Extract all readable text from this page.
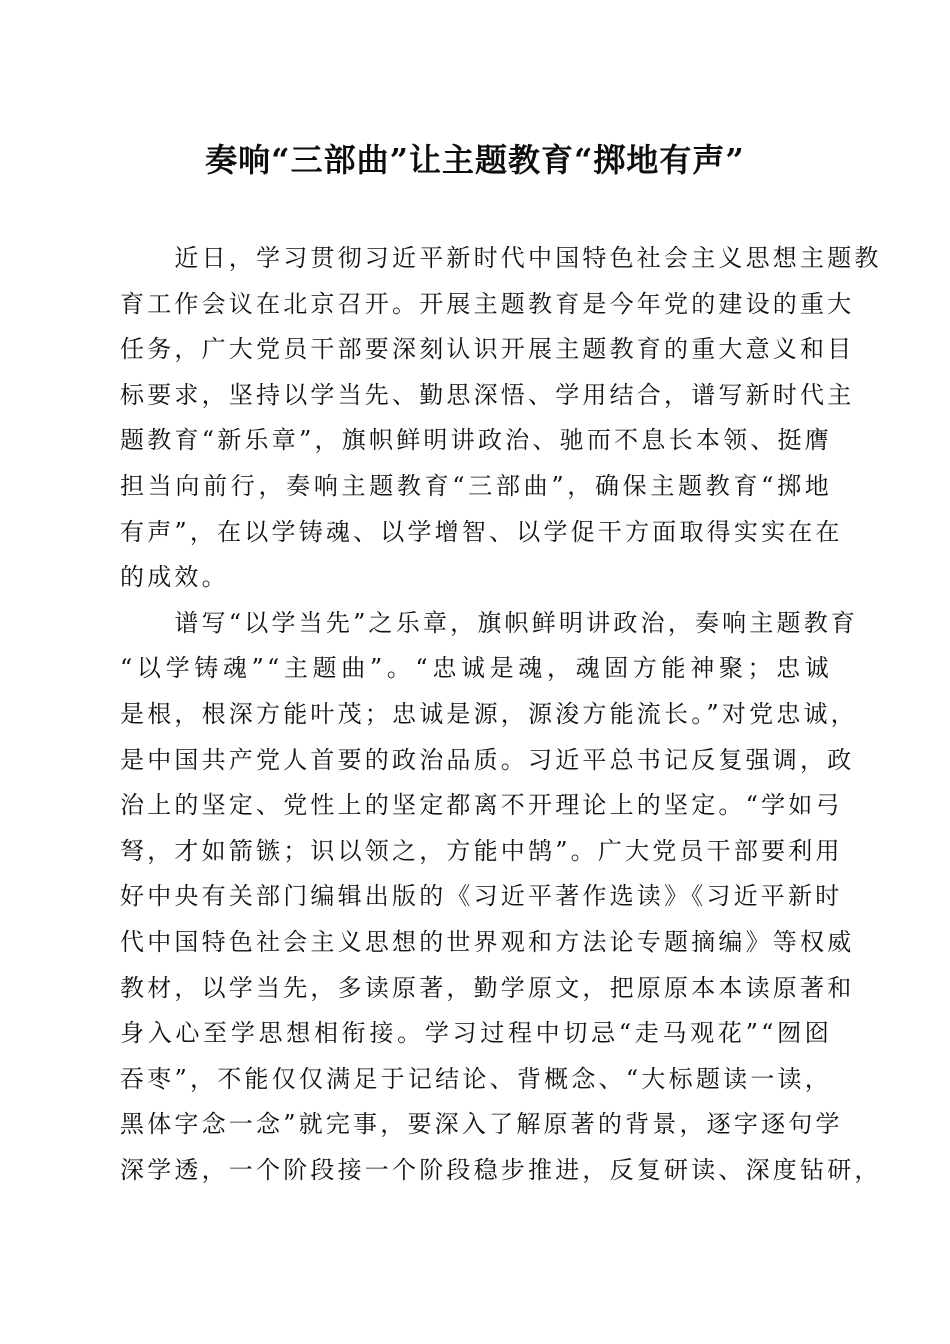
奏响“三部曲”让主题教育“掷地有声”
　　近日，学习贯彻习近平新时代中国特色社会主义思想主题教
育工作会议在北京召开。开展主题教育是今年党的建设的重大
任务，广大党员干部要深刻认识开展主题教育的重大意义和目
标要求，坚持以学当先、勤思深悟、学用结合，谱写新时代主
题教育“新乐章”，旗帜鲜明讲政治、驰而不息长本领、挺膺
担当向前行，奏响主题教育“三部曲”，确保主题教育“掷地
有声”，在以学铸魂、以学增智、以学促干方面取得实实在在
的成效。
　　谱写“以学当先”之乐章，旗帜鲜明讲政治，奏响主题教育
“以学铸魂”“主题曲”。“忠诚是魂，魂固方能神聚；忠诚
是根，根深方能叶茂；忠诚是源，源浚方能流长。”对党忠诚，
是中国共产党人首要的政治品质。习近平总书记反复强调，政
治上的坚定、党性上的坚定都离不开理论上的坚定。“学如弓
弩，才如箭镞；识以领之，方能中鹄”。广大党员干部要利用
好中央有关部门编辑出版的《习近平著作选读》《习近平新时
代中国特色社会主义思想的世界观和方法论专题摘编》等权威
教材，以学当先，多读原著，勤学原文，把原原本本读原著和
身入心至学思想相衔接。学习过程中切忌“走马观花”“囫囵
吞枣”，不能仅仅满足于记结论、背概念、“大标题读一读，
黑体字念一念”就完事，要深入了解原著的背景，逐字逐句学
深学透，一个阶段接一个阶段稳步推进，反复研读、深度钻研，
